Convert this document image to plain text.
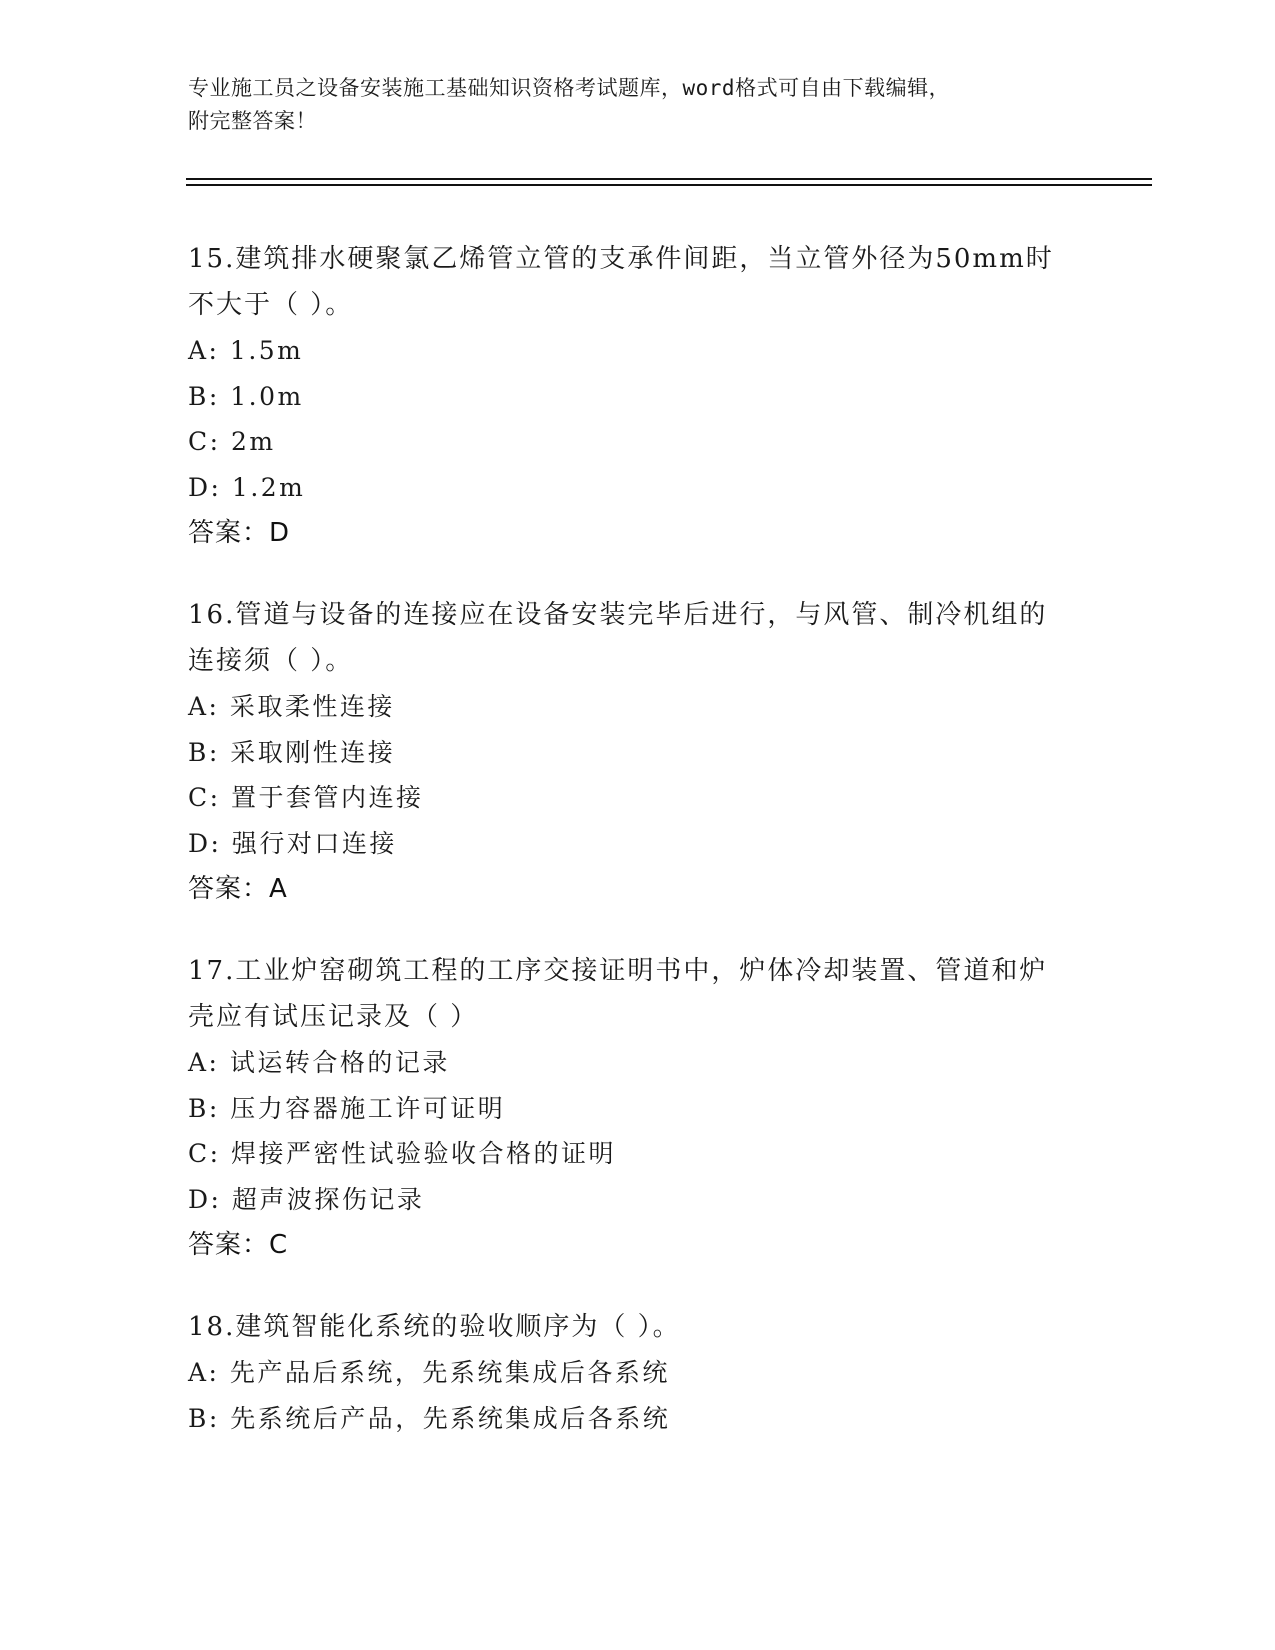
专业施工员之设备安装施工基础知识资格考试题库，word格式可自由下载编辑，
附完整答案！
15.建筑排水硬聚氯乙烯管立管的支承件间距，当立管外径为50mm时
不大于（ ）。
A: 1.5m
B: 1.0m
C: 2m
D: 1.2m
答案：D
16.管道与设备的连接应在设备安装完毕后进行，与风管、制冷机组的
连接须（ ）。
A: 采取柔性连接
B: 采取刚性连接
C: 置于套管内连接
D: 强行对口连接
答案：A
17.工业炉窑砌筑工程的工序交接证明书中，炉体冷却装置、管道和炉
壳应有试压记录及（ ）
A: 试运转合格的记录
B: 压力容器施工许可证明
C: 焊接严密性试验验收合格的证明
D: 超声波探伤记录
答案：C
18.建筑智能化系统的验收顺序为（ ）。
A: 先产品后系统，先系统集成后各系统
B: 先系统后产品，先系统集成后各系统
